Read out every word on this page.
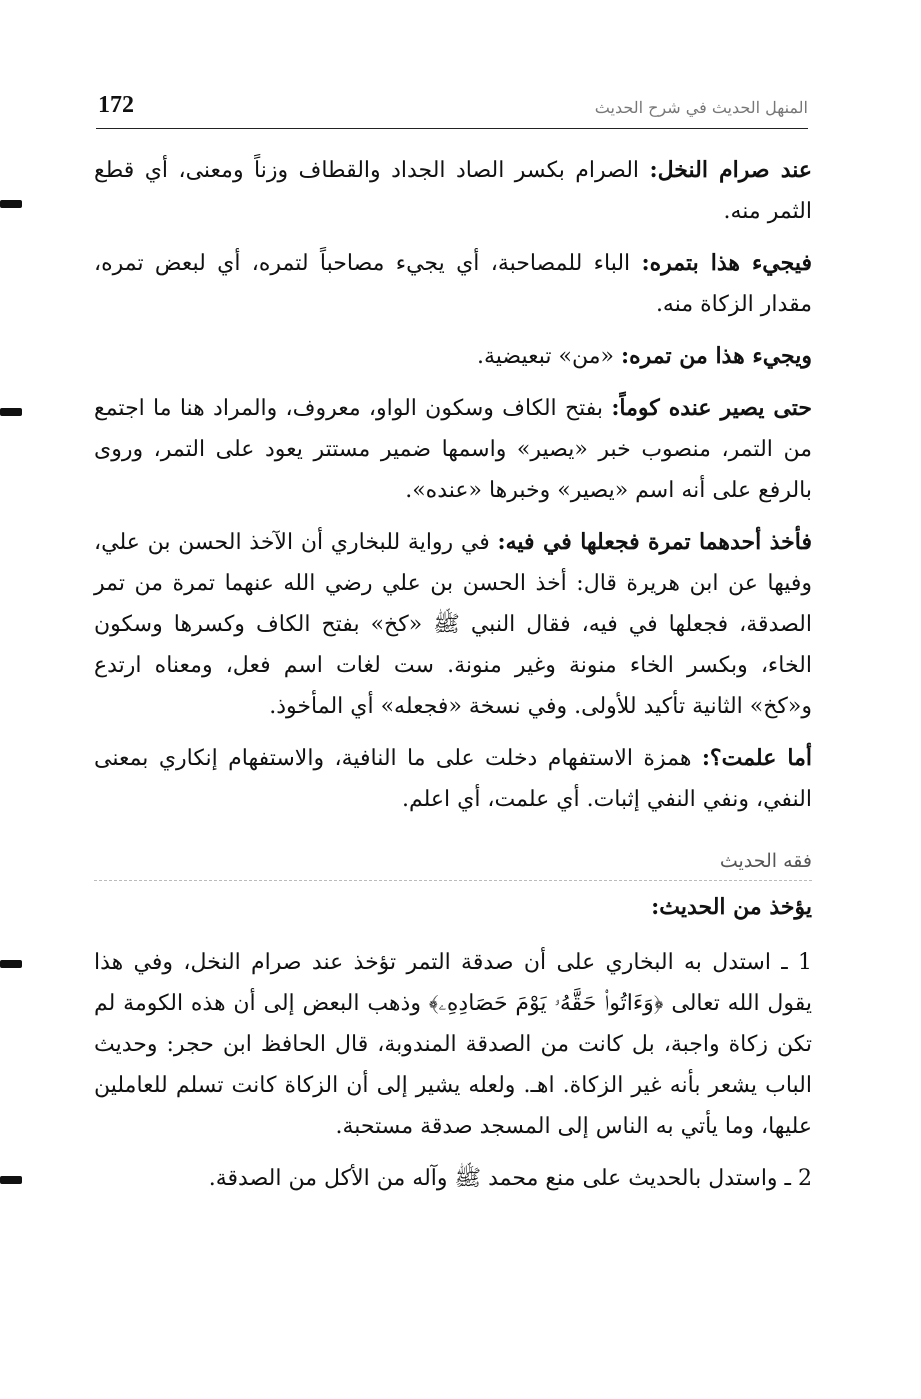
172	المنهل الحديث في شرح الحديث

عند صرام النخل: الصرام بكسر الصاد الجداد والقطاف وزناً ومعنى، أي قطع الثمر منه.

فيجيء هذا بتمره: الباء للمصاحبة، أي يجيء مصاحباً لتمره، أي لبعض تمره، مقدار الزكاة منه.

ويجيء هذا من تمره: «من» تبعيضية.

حتى يصير عنده كوماً: بفتح الكاف وسكون الواو، معروف، والمراد هنا ما اجتمع من التمر، منصوب خبر «يصير» واسمها ضمير مستتر يعود على التمر، وروى بالرفع على أنه اسم «يصير» وخبرها «عنده».

فأخذ أحدهما تمرة فجعلها في فيه: في رواية للبخاري أن الآخذ الحسن بن علي، وفيها عن ابن هريرة قال: أخذ الحسن بن علي رضي الله عنهما تمرة من تمر الصدقة، فجعلها في فيه، فقال النبي ﷺ «كخ» بفتح الكاف وكسرها وسكون الخاء، وبكسر الخاء منونة وغير منونة. ست لغات اسم فعل، ومعناه ارتدع و«كخ» الثانية تأكيد للأولى. وفي نسخة «فجعله» أي المأخوذ.

أما علمت؟: همزة الاستفهام دخلت على ما النافية، والاستفهام إنكاري بمعنى النفي، ونفي النفي إثبات. أي علمت، أي اعلم.

فقه الحديث
يؤخذ من الحديث:

1 ـ استدل به البخاري على أن صدقة التمر تؤخذ عند صرام النخل، وفي هذا يقول الله تعالى ﴿وَءَاتُوا۟ حَقَّهُۥ يَوْمَ حَصَادِهِۦ﴾ وذهب البعض إلى أن هذه الكومة لم تكن زكاة واجبة، بل كانت من الصدقة المندوبة، قال الحافظ ابن حجر: وحديث الباب يشعر بأنه غير الزكاة. اهـ. ولعله يشير إلى أن الزكاة كانت تسلم للعاملين عليها، وما يأتي به الناس إلى المسجد صدقة مستحبة.

2 ـ واستدل بالحديث على منع محمد ﷺ وآله من الأكل من الصدقة.
